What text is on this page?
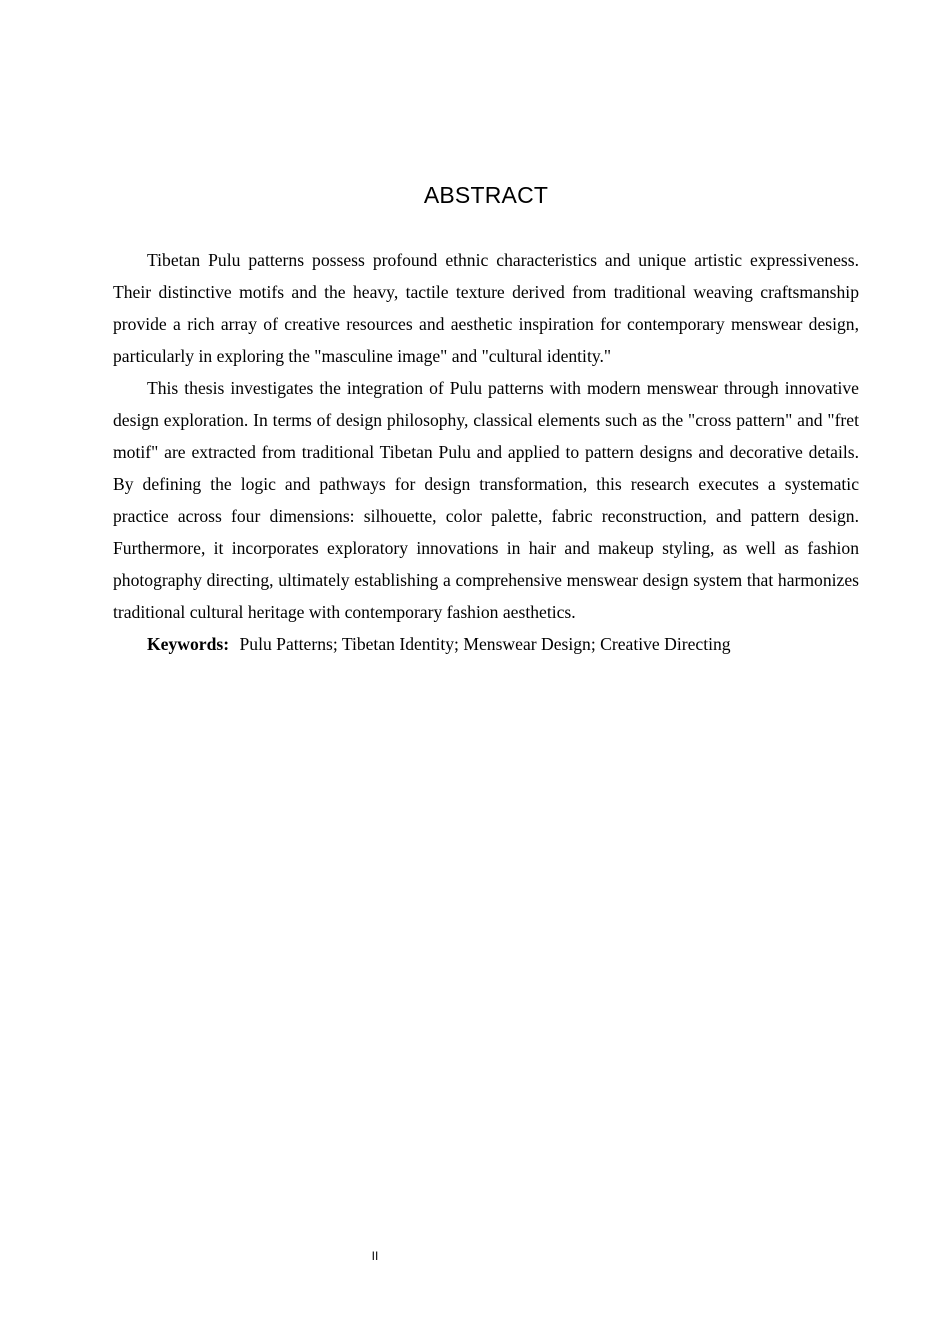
ABSTRACT

Tibetan Pulu patterns possess profound ethnic characteristics and unique artistic expressiveness. Their distinctive motifs and the heavy, tactile texture derived from traditional weaving craftsmanship provide a rich array of creative resources and aesthetic inspiration for contemporary menswear design, particularly in exploring the "masculine image" and "cultural identity."

This thesis investigates the integration of Pulu patterns with modern menswear through innovative design exploration. In terms of design philosophy, classical elements such as the "cross pattern" and "fret motif" are extracted from traditional Tibetan Pulu and applied to pattern designs and decorative details. By defining the logic and pathways for design transformation, this research executes a systematic practice across four dimensions: silhouette, color palette, fabric reconstruction, and pattern design. Furthermore, it incorporates exploratory innovations in hair and makeup styling, as well as fashion photography directing, ultimately establishing a comprehensive menswear design system that harmonizes traditional cultural heritage with contemporary fashion aesthetics.

Keywords: Pulu Patterns; Tibetan Identity; Menswear Design; Creative Directing

II
